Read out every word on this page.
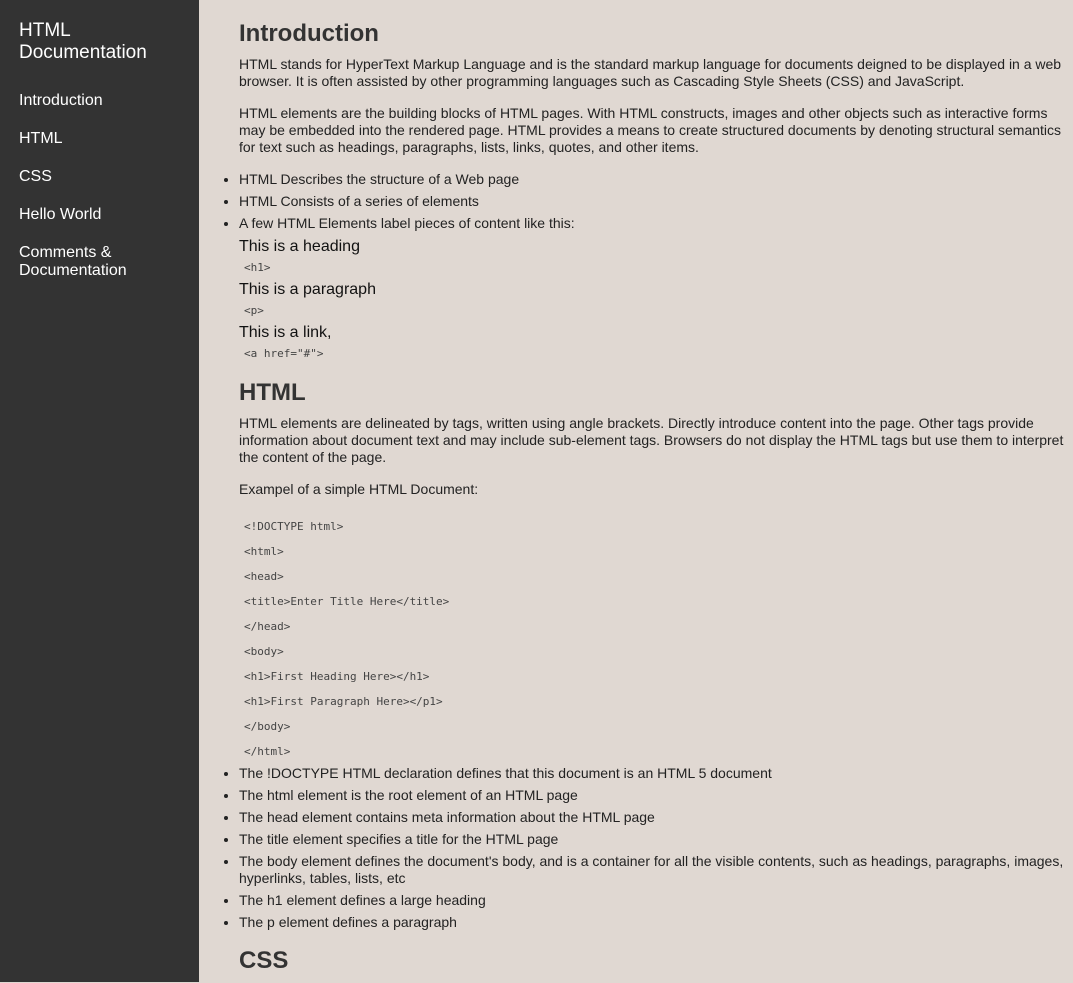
HTML Documentation
Introduction
HTML
CSS
Hello World
Comments & Documentation
Introduction

HTML stands for HyperText Markup Language and is the standard markup language for documents deigned to be displayed in a web browser. It is often assisted by other programming languages such as Cascading Style Sheets (CSS) and JavaScript.

HTML elements are the building blocks of HTML pages. With HTML constructs, images and other objects such as interactive forms may be embedded into the rendered page. HTML provides a means to create structured documents by denoting structural semantics for text such as headings, paragraphs, lists, links, quotes, and other items.

• HTML Describes the structure of a Web page
• HTML Consists of a series of elements
• A few HTML Elements label pieces of content like this:
This is a heading
<h1>
This is a paragraph
<p>
This is a link,
<a href="#">
HTML

HTML elements are delineated by tags, written using angle brackets. Directly introduce content into the page. Other tags provide information about document text and may include sub-element tags. Browsers do not display the HTML tags but use them to interpret the content of the page.

Exampel of a simple HTML Document:

<!DOCTYPE html>
<html>
<head>
<title>Enter Title Here</title>
</head>
<body>
<h1>First Heading Here></h1>
<h1>First Paragraph Here></p1>
</body>
</html>
• The !DOCTYPE HTML declaration defines that this document is an HTML 5 document
• The html element is the root element of an HTML page
• The head element contains meta information about the HTML page
• The title element specifies a title for the HTML page
• The body element defines the document's body, and is a container for all the visible contents, such as headings, paragraphs, images, hyperlinks, tables, lists, etc
• The h1 element defines a large heading
• The p element defines a paragraph
CSS
